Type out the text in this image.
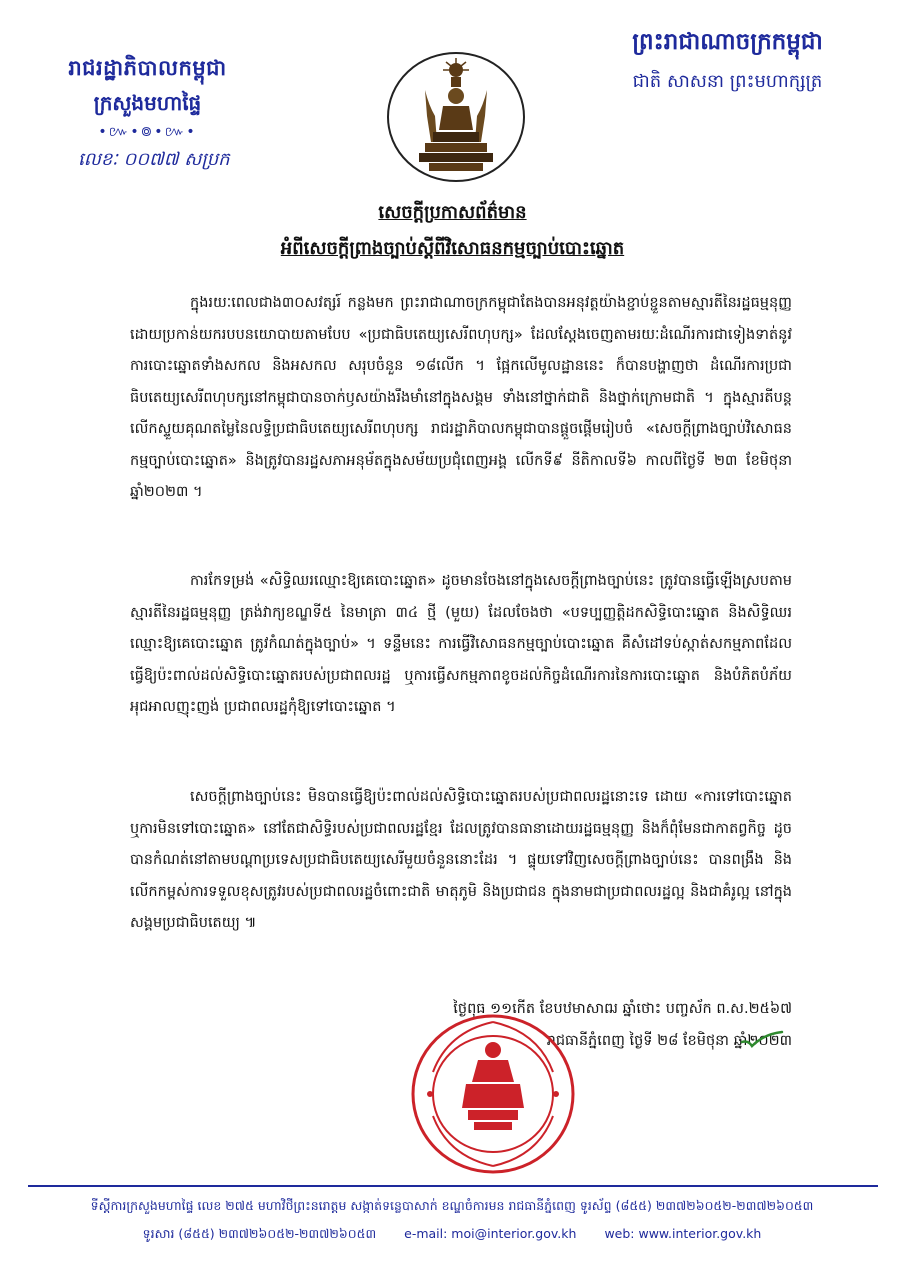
រាជរដ្ឋាភិបាលកម្ពុជា
ក្រសួងមហាផ្ទៃ
•៚•៙•៚•
លេខៈ ០០៧៧ សប្រក
ព្រះរាជាណាចក្រកម្ពុជា
ជាតិ សាសនា ព្រះមហាក្សត្រ
សេចក្ដីប្រកាសព័ត៌មាន
អំពីសេចក្ដីព្រាងច្បាប់ស្ដីពីវិសោធនកម្មច្បាប់បោះឆ្នោត

ក្នុងរយៈពេលជាង៣០សវត្សរ៍ កន្លងមក ព្រះរាជាណាចក្រកម្ពុជាតែងបានអនុវត្តយ៉ាងខ្ជាប់ខ្ជួនតាមស្មារតីនៃរដ្ឋធម្មនុញ្ញ ដោយប្រកាន់យករបបនយោបាយតាមបែប «ប្រជាធិបតេយ្យសេរីពហុបក្ស» ដែលស្ដែងចេញតាមរយៈដំណើរការជាទៀងទាត់នូវការបោះឆ្នោតទាំងសកល និងអសកល សរុបចំនួន ១៨លើក ។ ផ្អែកលើមូលដ្ឋាននេះ ក៏បានបង្ហាញថា ដំណើរការប្រជាធិបតេយ្យសេរីពហុបក្សនៅកម្ពុជាបានចាក់ឫសយ៉ាងរឹងមាំនៅក្នុងសង្គម ទាំងនៅថ្នាក់ជាតិ និងថ្នាក់ក្រោមជាតិ ។ ក្នុងស្មារតីបន្តលើកស្ទួយគុណតម្លៃនៃលទ្ធិប្រជាធិបតេយ្យសេរីពហុបក្ស រាជរដ្ឋាភិបាលកម្ពុជាបានផ្ដួចផ្ដើមរៀបចំ «សេចក្ដីព្រាងច្បាប់វិសោធនកម្មច្បាប់បោះឆ្នោត» និងត្រូវបានរដ្ឋសភាអនុម័តក្នុងសម័យប្រជុំពេញអង្គ លើកទី៩ នីតិកាលទី៦ កាលពីថ្ងៃទី ២៣ ខែមិថុនា ឆ្នាំ២០២៣ ។

ការកែទម្រង់ «សិទ្ធិឈរឈ្មោះឱ្យគេបោះឆ្នោត» ដូចមានចែងនៅក្នុងសេចក្ដីព្រាងច្បាប់នេះ ត្រូវបានធ្វើឡើងស្របតាមស្មារតីនៃរដ្ឋធម្មនុញ្ញ ត្រង់វាក្យខណ្ឌទី៥ នៃមាត្រា ៣៤ ថ្មី (មួយ) ដែលចែងថា «បទប្បញ្ញត្តិដកសិទ្ធិបោះឆ្នោត និងសិទ្ធិឈរឈ្មោះឱ្យគេបោះឆ្នោត ត្រូវកំណត់ក្នុងច្បាប់» ។ ទន្ទឹមនេះ ការធ្វើវិសោធនកម្មច្បាប់បោះឆ្នោត គឺសំដៅទប់ស្កាត់សកម្មភាពដែលធ្វើឱ្យប៉ះពាល់ដល់សិទ្ធិបោះឆ្នោតរបស់ប្រជាពលរដ្ឋ ឬការធ្វើសកម្មភាពខូចដល់កិច្ចដំណើរការនៃការបោះឆ្នោត និងបំភិតបំភ័យ អុជអាលញុះញង់ ប្រជាពលរដ្ឋកុំឱ្យទៅបោះឆ្នោត ។

សេចក្ដីព្រាងច្បាប់នេះ មិនបានធ្វើឱ្យប៉ះពាល់ដល់សិទ្ធិបោះឆ្នោតរបស់ប្រជាពលរដ្ឋនោះទេ ដោយ «ការទៅបោះឆ្នោត ឬការមិនទៅបោះឆ្នោត» នៅតែជាសិទ្ធិរបស់ប្រជាពលរដ្ឋខ្មែរ ដែលត្រូវបានធានាដោយរដ្ឋធម្មនុញ្ញ និងក៏ពុំមែនជាកាតព្វកិច្ច ដូចបានកំណត់នៅតាមបណ្ដាប្រទេសប្រជាធិបតេយ្យសេរីមួយចំនួននោះដែរ ។ ផ្ទុយទៅវិញសេចក្ដីព្រាងច្បាប់នេះ បានពង្រឹង និងលើកកម្ពស់ការទទួលខុសត្រូវរបស់ប្រជាពលរដ្ឋចំពោះជាតិ មាតុភូមិ និងប្រជាជន ក្នុងនាមជាប្រជាពលរដ្ឋល្អ និងជាគំរូល្អ នៅក្នុងសង្គមប្រជាធិបតេយ្យ ៕

ថ្ងៃពុធ ១១កើត ខែបឋមាសាឍ ឆ្នាំថោះ បញ្ចស័ក ព.ស.២៥៦៧
រាជធានីភ្នំពេញ ថ្ងៃទី ២៨ ខែមិថុនា ឆ្នាំ២០២៣
ទីស្ដីការក្រសួងមហាផ្ទៃ លេខ ២៧៥ មហាវិថីព្រះនរោត្តម សង្កាត់ទន្លេបាសាក់ ខណ្ឌចំការមន រាជធានីភ្នំពេញ ទូរស័ព្ទ (៨៥៥) ២៣៧២៦០៥២-២៣៧២៦០៥៣
ទូរសារ (៨៥៥) ២៣៧២៦០៥២-២៣៧២៦០៥៣ e-mail: moi@interior.gov.kh web: www.interior.gov.kh
